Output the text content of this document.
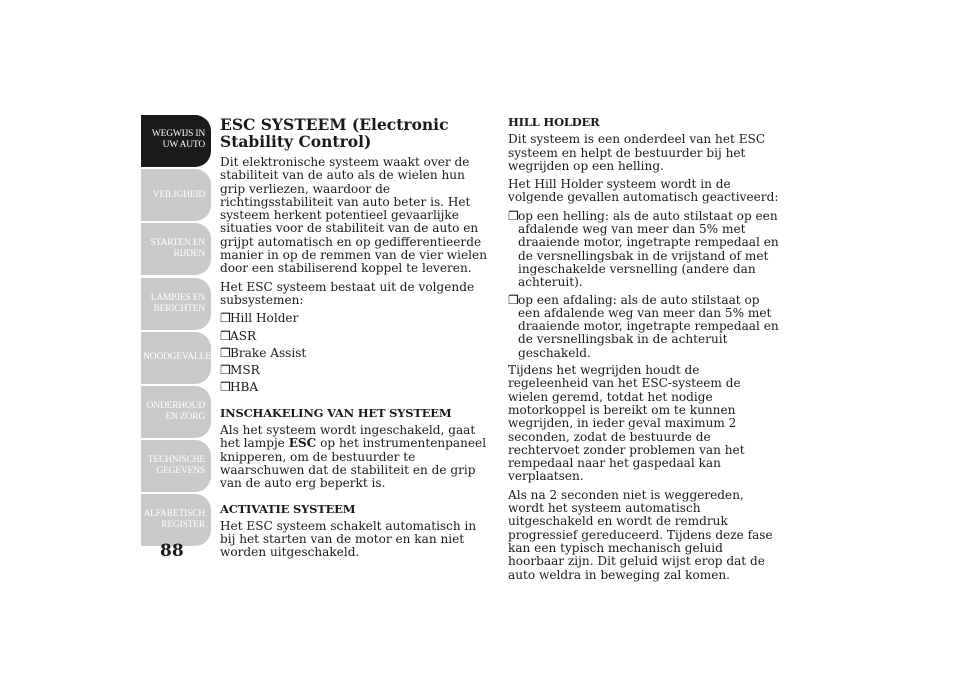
WEGWIJS IN UW AUTO
VEILIGHEID
STARTEN EN RIJDEN
LAMPJES EN BERICHTEN
NOODGEVALLEN
ONDERHOUD EN ZORG
TECHNISCHE GEGEVENS
ALFABETISCH REGISTER
88
ESC SYSTEEM (Electronic Stability Control)

Dit elektronische systeem waakt over de stabiliteit van de auto als de wielen hun grip verliezen, waardoor de richtingsstabiliteit van auto beter is. Het systeem herkent potentieel gevaarlijke situaties voor de stabiliteit van de auto en grijpt automatisch en op gedifferentieerde manier in op de remmen van de vier wielen door een stabiliserend koppel te leveren.

Het ESC systeem bestaat uit de volgende subsystemen:

❒Hill Holder
❒ASR
❒Brake Assist
❒MSR
❒HBA
INSCHAKELING VAN HET SYSTEEM

Als het systeem wordt ingeschakeld, gaat het lampje ESC op het instrumentenpaneel knipperen, om de bestuurder te waarschuwen dat de stabiliteit en de grip van de auto erg beperkt is.

ACTIVATIE SYSTEEM

Het ESC systeem schakelt automatisch in bij het starten van de motor en kan niet worden uitgeschakeld.

HILL HOLDER

Dit systeem is een onderdeel van het ESC systeem en helpt de bestuurder bij het wegrijden op een helling.

Het Hill Holder systeem wordt in de volgende gevallen automatisch geactiveerd:

❒op een helling: als de auto stilstaat op een afdalende weg van meer dan 5% met draaiende motor, ingetrapte rempedaal en de versnellingsbak in de vrijstand of met ingeschakelde versnelling (andere dan achteruit).
❒op een afdaling: als de auto stilstaat op een afdalende weg van meer dan 5% met draaiende motor, ingetrapte rempedaal en de versnellingsbak in de achteruit geschakeld.

Tijdens het wegrijden houdt de regeleenheid van het ESC-systeem de wielen geremd, totdat het nodige motorkoppel is bereikt om te kunnen wegrijden, in ieder geval maximum 2 seconden, zodat de bestuurde de rechtervoet zonder problemen van het rempedaal naar het gaspedaal kan verplaatsen.

Als na 2 seconden niet is weggereden, wordt het systeem automatisch uitgeschakeld en wordt de remdruk progressief gereduceerd. Tijdens deze fase kan een typisch mechanisch geluid hoorbaar zijn. Dit geluid wijst erop dat de auto weldra in beweging zal komen.
